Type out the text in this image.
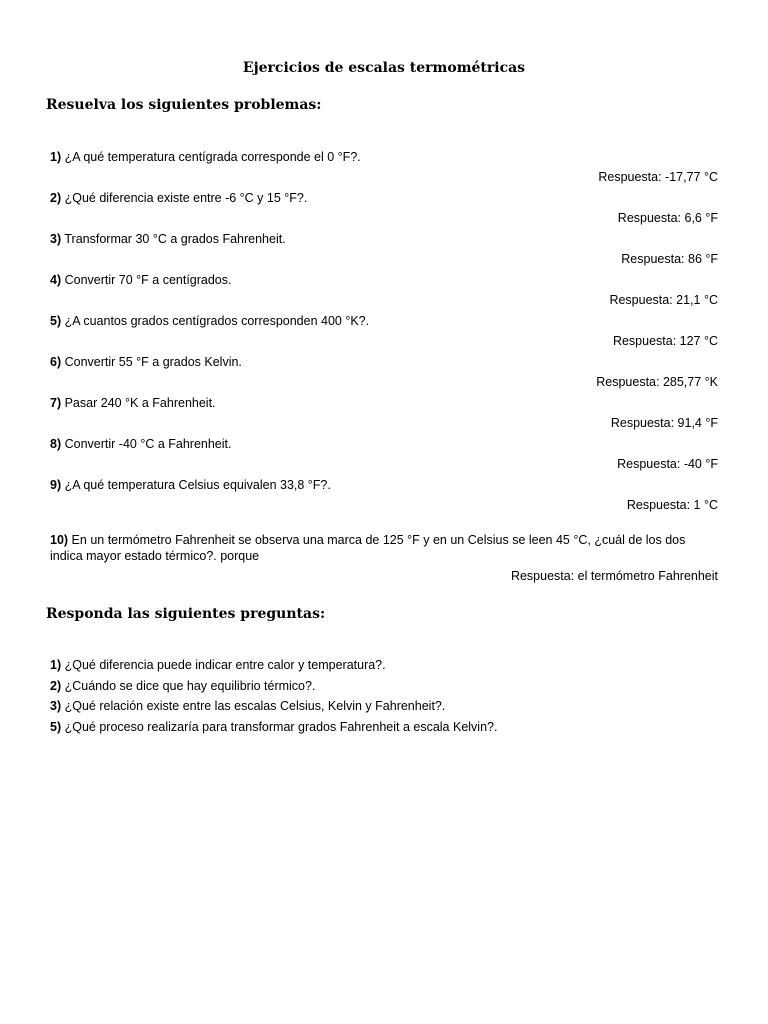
Ejercicios de escalas termométricas
Resuelva los siguientes problemas:
1) ¿A qué temperatura centígrada corresponde el 0 °F?.
Respuesta: -17,77 °C
2) ¿Qué diferencia existe entre -6 °C y 15 °F?.
Respuesta: 6,6 °F
3) Transformar 30 °C a grados Fahrenheit.
Respuesta: 86 °F
4) Convertir 70 °F a centígrados.
Respuesta: 21,1 °C
5) ¿A cuantos grados centígrados corresponden 400 °K?.
Respuesta: 127 °C
6) Convertir 55 °F a grados Kelvin.
Respuesta: 285,77 °K
7) Pasar 240 °K a Fahrenheit.
Respuesta: 91,4 °F
8) Convertir -40 °C a Fahrenheit.
Respuesta: -40 °F
9) ¿A qué temperatura Celsius equivalen 33,8 °F?.
Respuesta: 1 °C
10) En un termómetro Fahrenheit se observa una marca de 125 °F y en un Celsius se leen 45 °C, ¿cuál de los dos indica mayor estado térmico?. porque
Respuesta: el termómetro Fahrenheit
Responda las siguientes preguntas:
1) ¿Qué diferencia puede indicar entre calor y temperatura?.
2) ¿Cuándo se dice que hay equilibrio térmico?.
3) ¿Qué relación existe entre las escalas Celsius, Kelvin y Fahrenheit?.
5) ¿Qué proceso realizaría para transformar grados Fahrenheit a escala Kelvin?.
